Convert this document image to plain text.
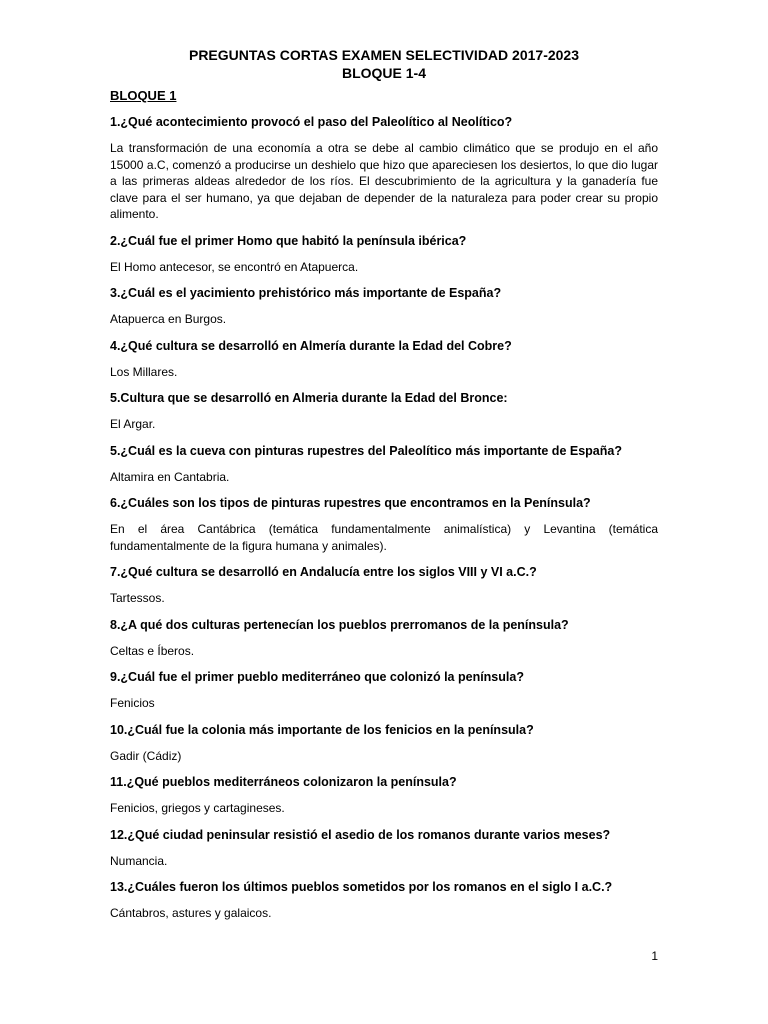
PREGUNTAS CORTAS EXAMEN SELECTIVIDAD 2017-2023

BLOQUE 1-4

BLOQUE 1

1.¿Qué acontecimiento provocó el paso del Paleolítico al Neolítico?

La transformación de una economía a otra se debe al cambio climático que se produjo en el año 15000 a.C, comenzó a producirse un deshielo que hizo que apareciesen los desiertos, lo que dio lugar a las primeras aldeas alrededor de los ríos. El descubrimiento de la agricultura y la ganadería fue clave para el ser humano, ya que dejaban de depender de la naturaleza para poder crear su propio alimento.

2.¿Cuál fue el primer Homo que habitó la península ibérica?

El Homo antecesor, se encontró en Atapuerca.

3.¿Cuál es el yacimiento prehistórico más importante de España?

Atapuerca en Burgos.

4.¿Qué cultura se desarrolló en Almería durante la Edad del Cobre?

Los Millares.

5.Cultura que se desarrolló en Almeria durante la Edad del Bronce:

El Argar.

5.¿Cuál es la cueva con pinturas rupestres del Paleolítico más importante de España?

Altamira en Cantabria.

6.¿Cuáles son los tipos de pinturas rupestres que encontramos en la Península?

En el área Cantábrica (temática fundamentalmente animalística) y Levantina (temática fundamentalmente de la figura humana y animales).

7.¿Qué cultura se desarrolló en Andalucía entre los siglos VIII y VI a.C.?

Tartessos.

8.¿A qué dos culturas pertenecían los pueblos prerromanos de la península?

Celtas e Íberos.

9.¿Cuál fue el primer pueblo mediterráneo que colonizó la península?

Fenicios

10.¿Cuál fue la colonia más importante de los fenicios en la península?

Gadir (Cádiz)

11.¿Qué pueblos mediterráneos colonizaron la península?

Fenicios, griegos y cartagineses.

12.¿Qué ciudad peninsular resistió el asedio de los romanos durante varios meses?

Numancia.

13.¿Cuáles fueron los últimos pueblos sometidos por los romanos en el siglo I a.C.?

Cántabros, astures y galaicos.

1
